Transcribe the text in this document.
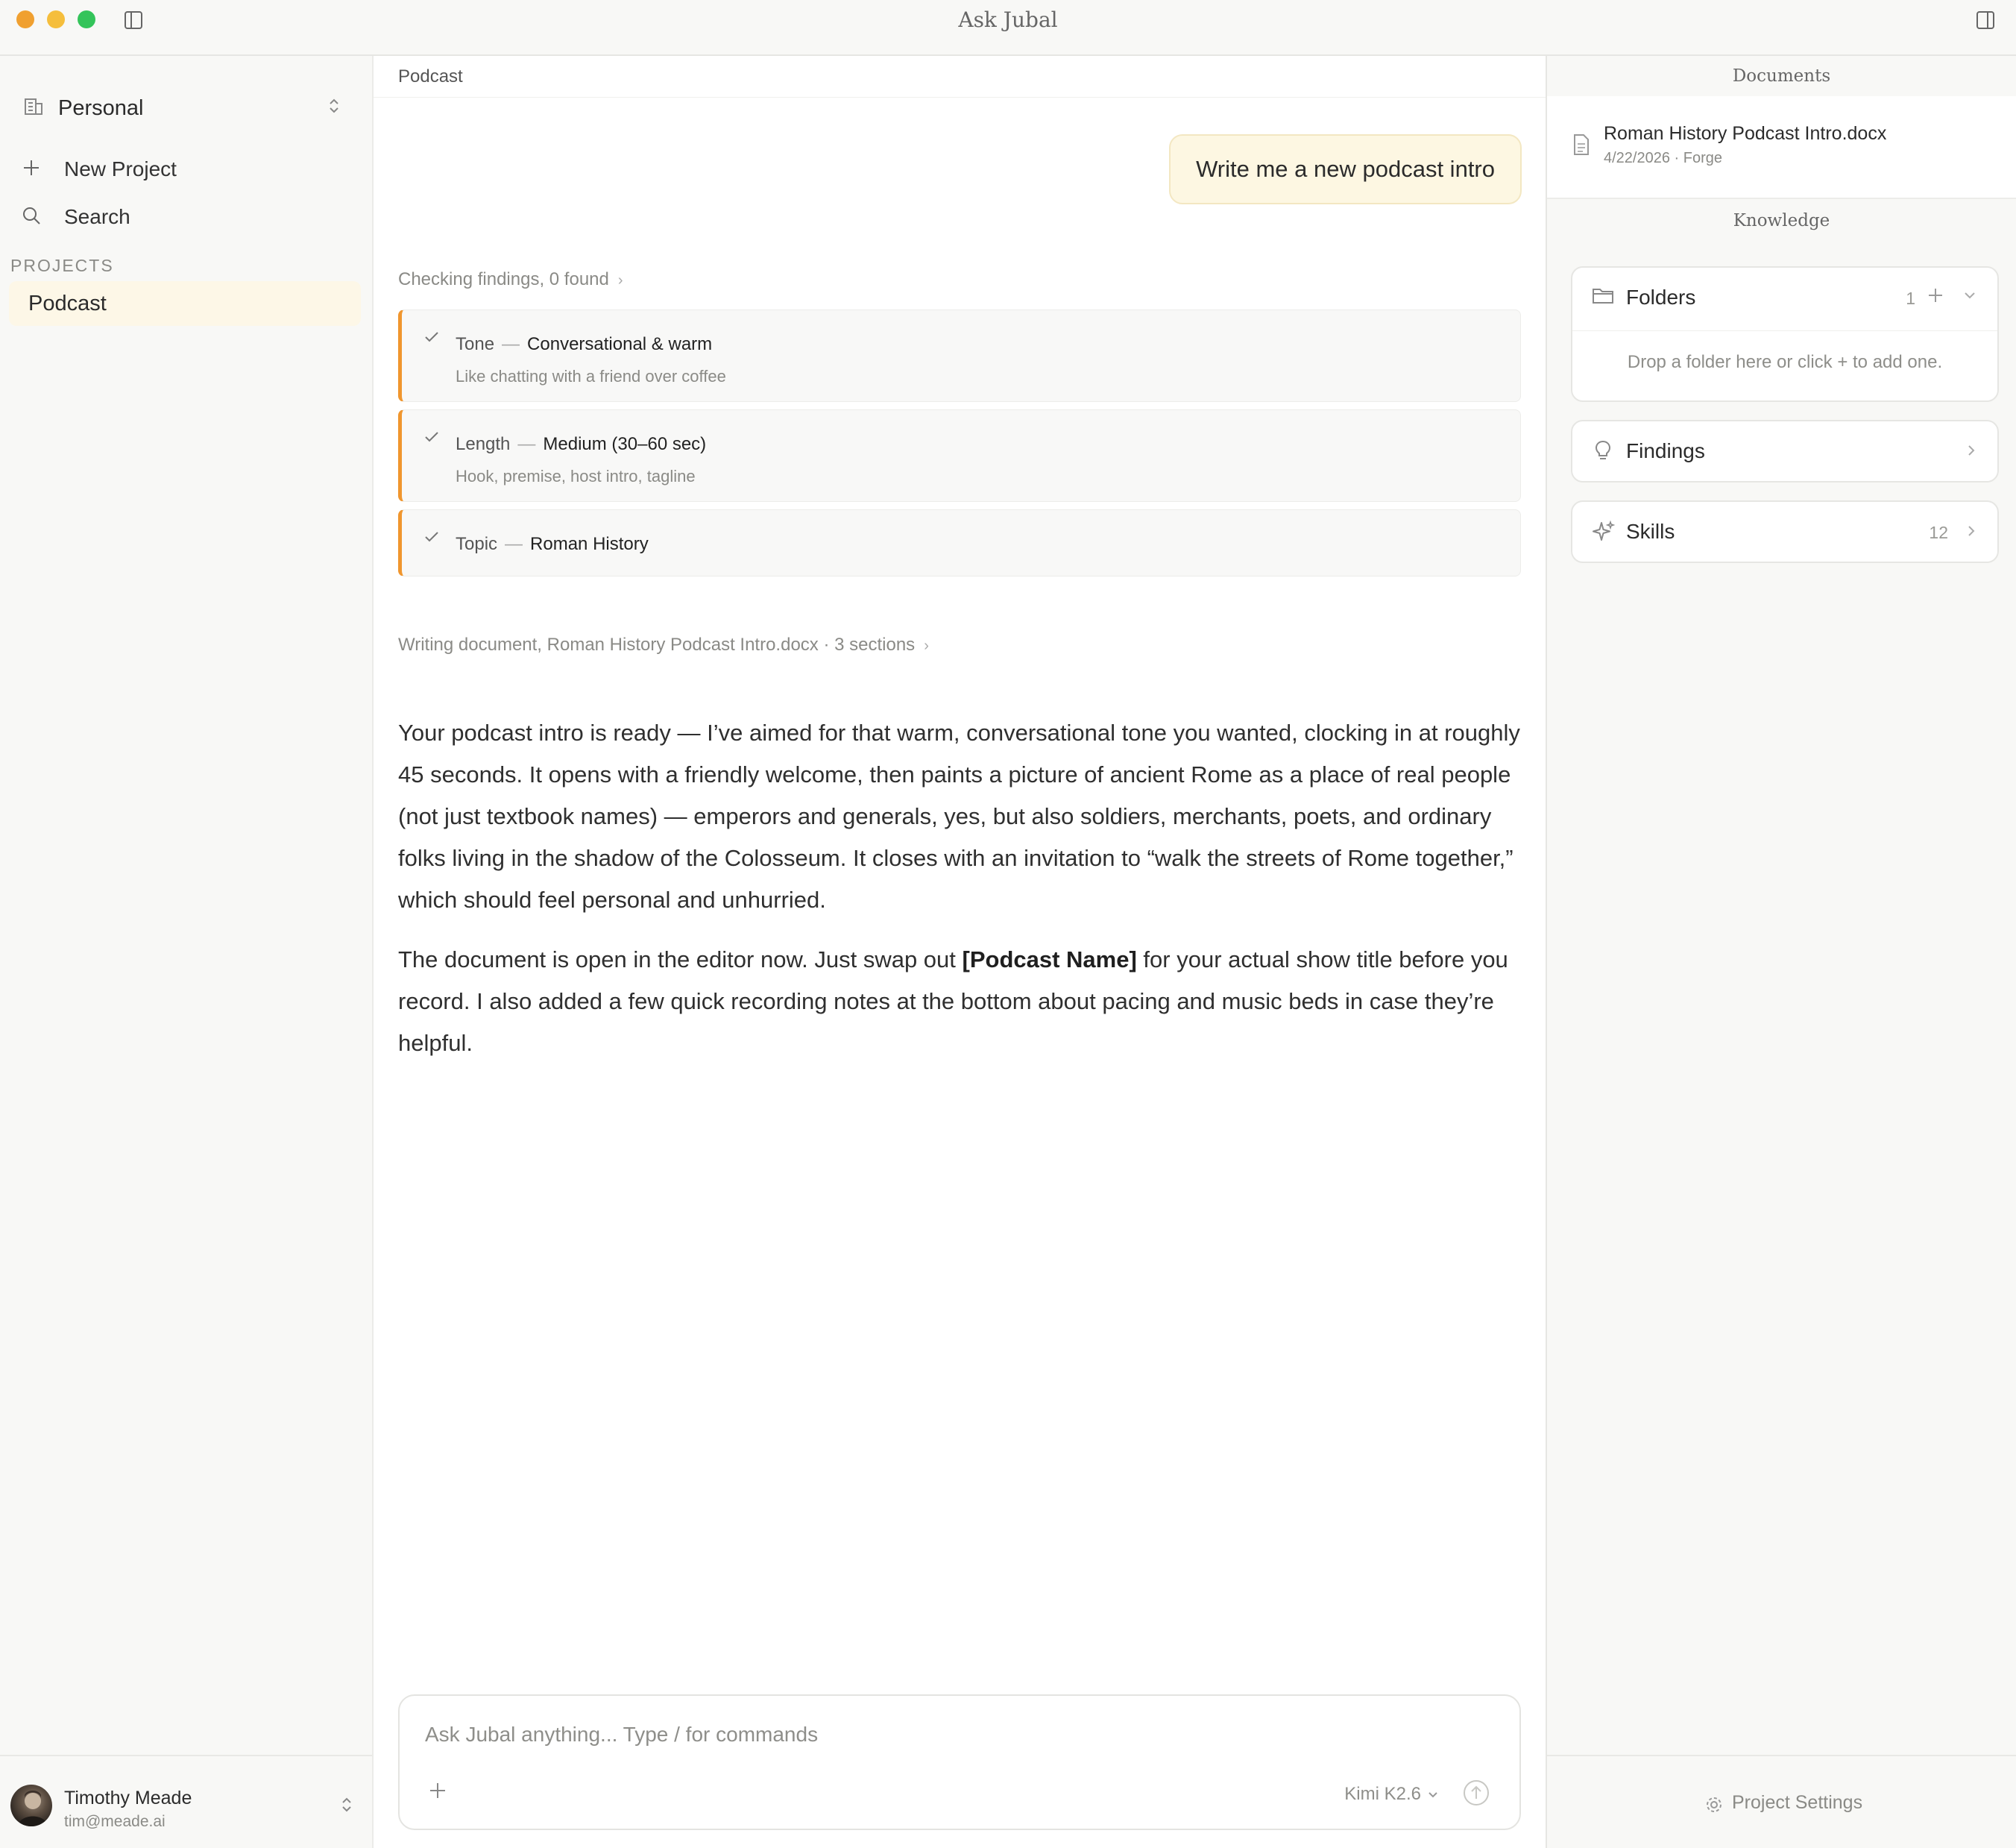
Ask Jubal
Personal
New Project
Search
PROJECTS
Podcast
Timothy Meade
tim@meade.ai
Podcast
Write me a new podcast intro
Checking findings, 0 found ›
Tone — Conversational & warm
Like chatting with a friend over coffee
Length — Medium (30–60 sec)
Hook, premise, host intro, tagline
Topic — Roman History
Writing document, Roman History Podcast Intro.docx · 3 sections ›

Your podcast intro is ready — I’ve aimed for that warm, conversational tone you wanted, clocking in at roughly 45 seconds. It opens with a friendly welcome, then paints a picture of ancient Rome as a place of real people (not just textbook names) — emperors and generals, yes, but also soldiers, merchants, poets, and ordinary folks living in the shadow of the Colosseum. It closes with an invitation to “walk the streets of Rome together,” which should feel personal and unhurried.

The document is open in the editor now. Just swap out [Podcast Name] for your actual show title before you record. I also added a few quick recording notes at the bottom about pacing and music beds in case they’re helpful.

Ask Jubal anything... Type / for commands
Kimi K2.6
Documents
Roman History Podcast Intro.docx
4/22/2026 · Forge
Knowledge
Folders	1
Drop a folder here or click + to add one.
Findings
Skills	12
Project Settings
